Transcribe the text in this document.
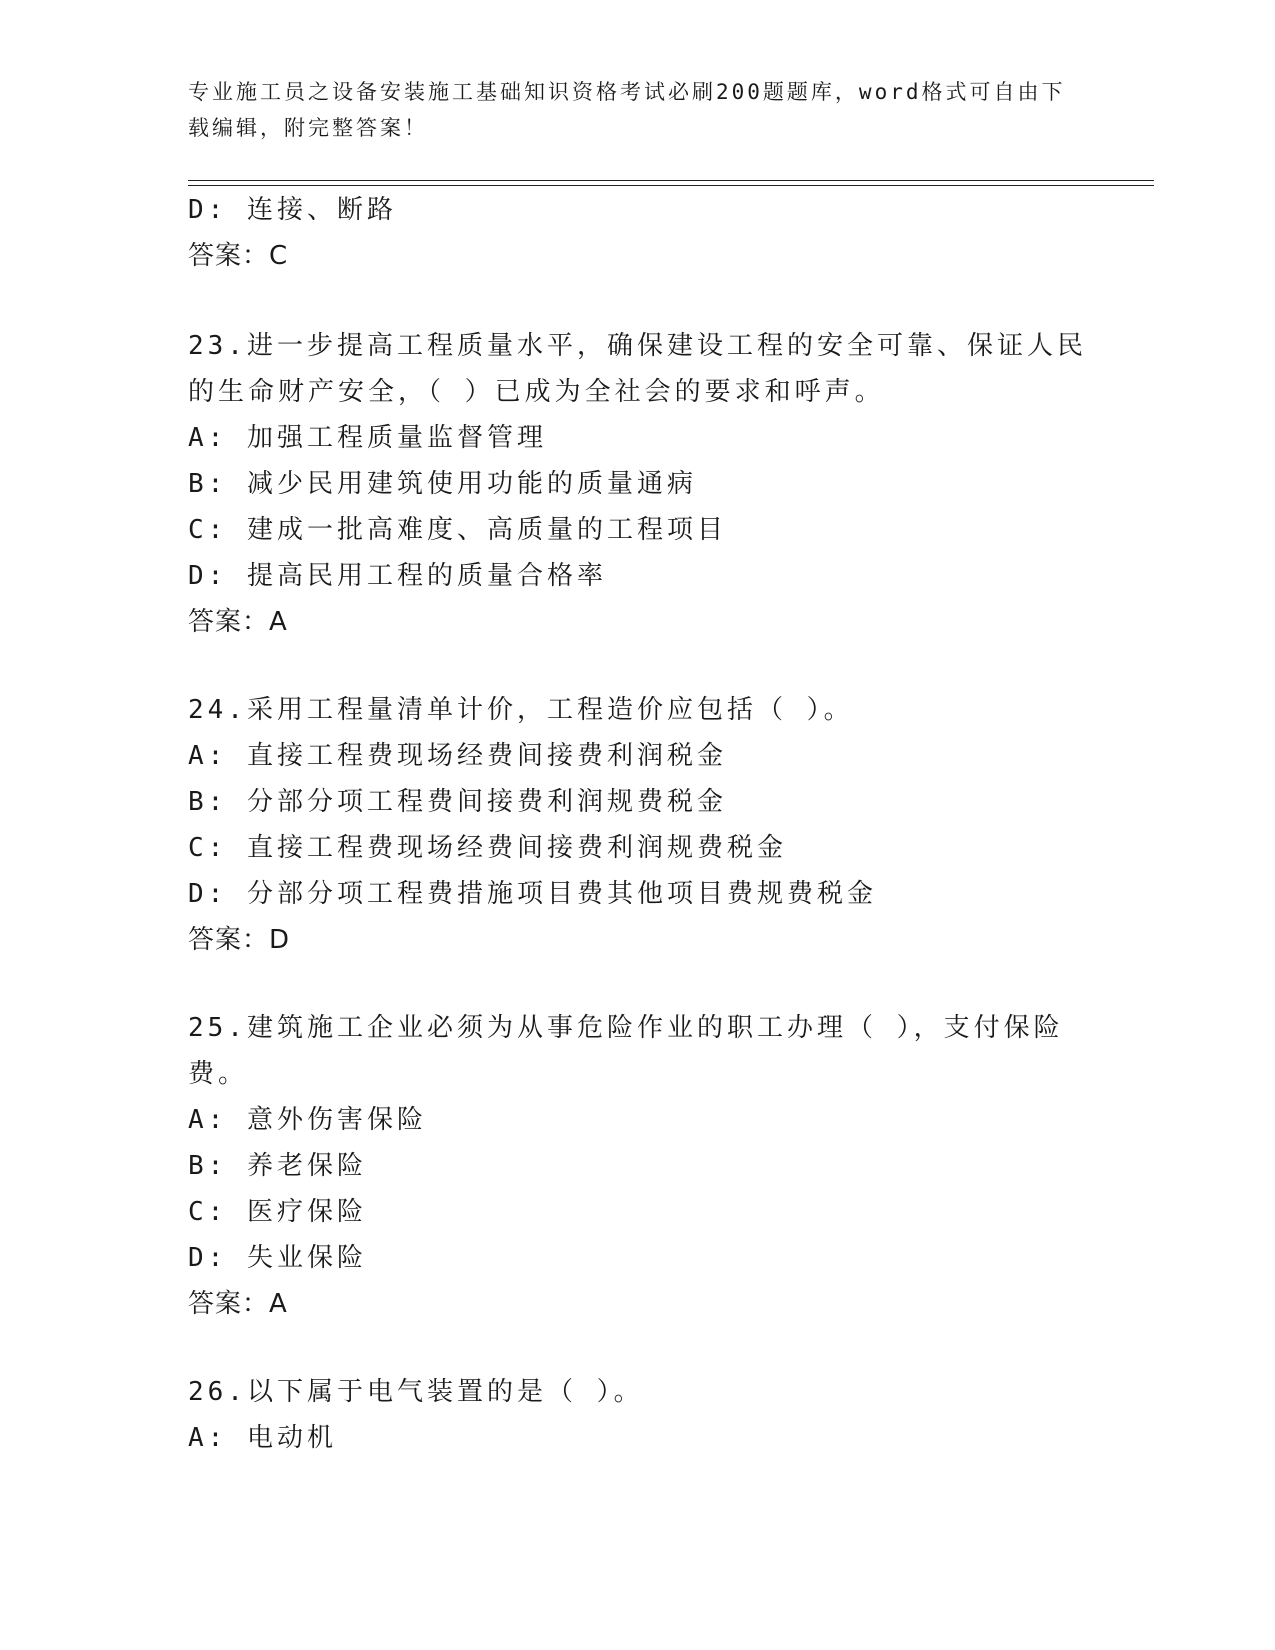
专业施工员之设备安装施工基础知识资格考试必刷200题题库，word格式可自由下载编辑，附完整答案！
D: 连接、断路
答案：C
23.进一步提高工程质量水平，确保建设工程的安全可靠、保证人民的生命财产安全，（ ）已成为全社会的要求和呼声。
A: 加强工程质量监督管理
B: 减少民用建筑使用功能的质量通病
C: 建成一批高难度、高质量的工程项目
D: 提高民用工程的质量合格率
答案：A
24.采用工程量清单计价，工程造价应包括（ ）。
A: 直接工程费现场经费间接费利润税金
B: 分部分项工程费间接费利润规费税金
C: 直接工程费现场经费间接费利润规费税金
D: 分部分项工程费措施项目费其他项目费规费税金
答案：D
25.建筑施工企业必须为从事危险作业的职工办理（ ），支付保险费。
A: 意外伤害保险
B: 养老保险
C: 医疗保险
D: 失业保险
答案：A
26.以下属于电气装置的是（ ）。
A: 电动机
